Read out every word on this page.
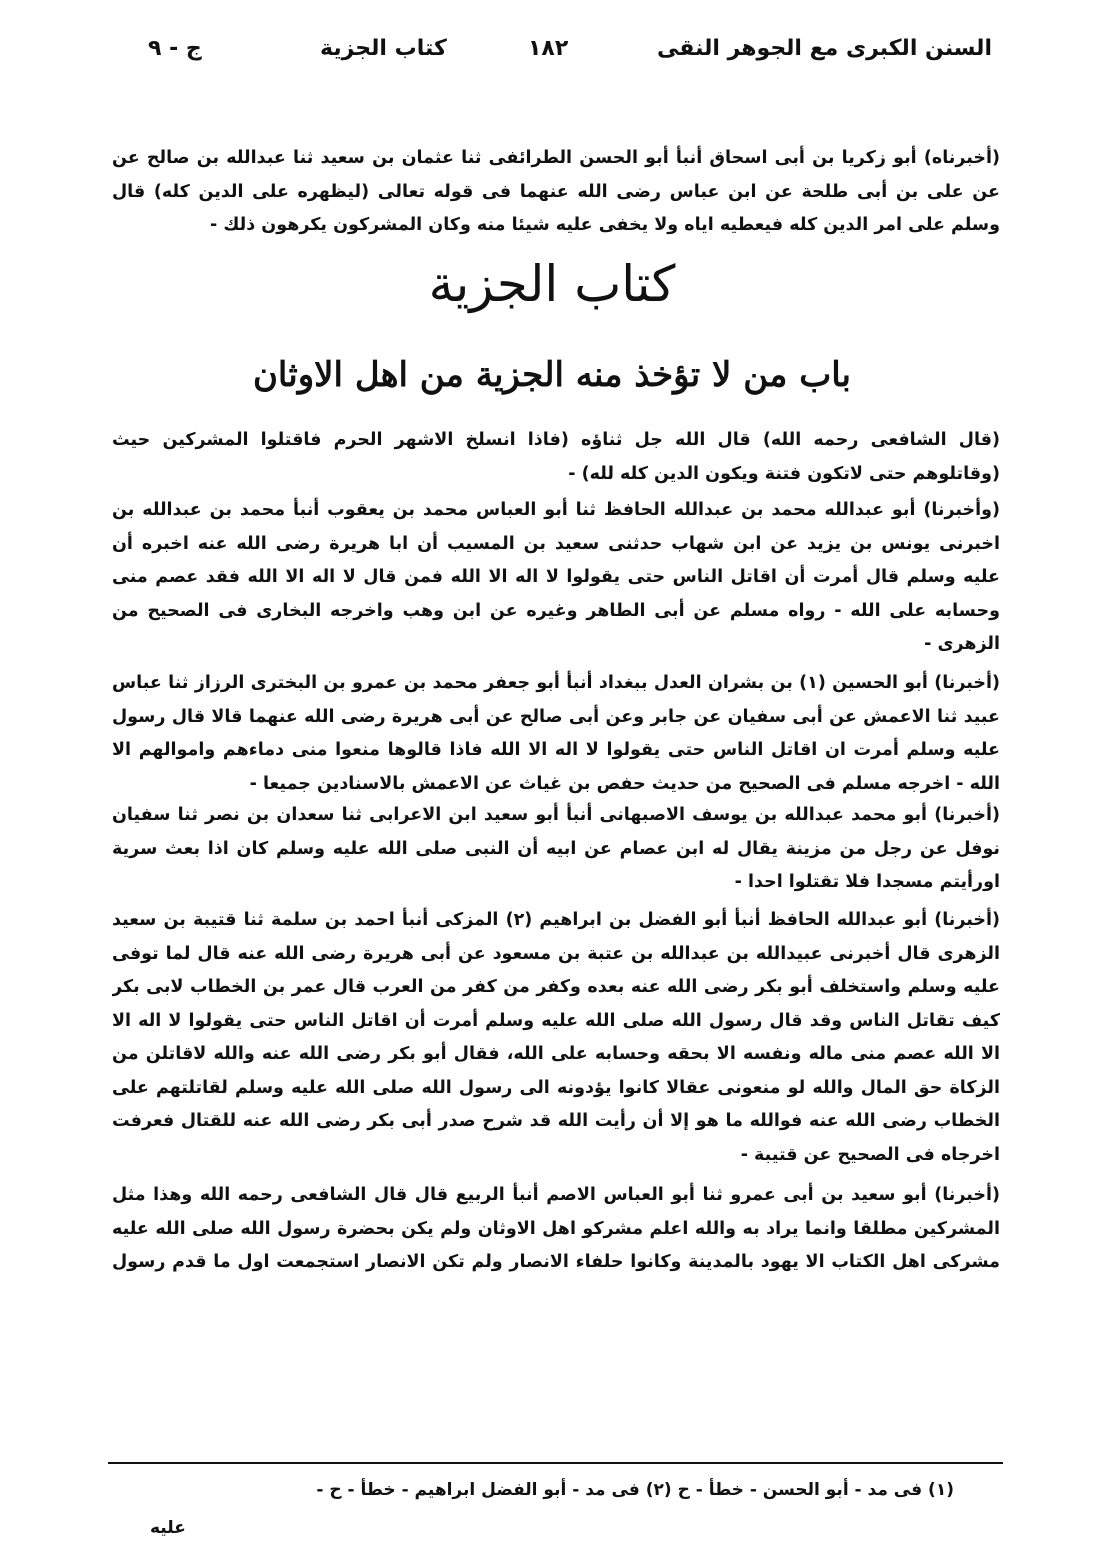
السنن الكبرى مع الجوهر النقى
١٨٢
كتاب الجزية
ج - ٩
كتاب الجزية
باب من لا تؤخذ منه الجزية من اهل الاوثان
(أخبرناه) أبو زكريا بن أبى اسحاق أنبأ أبو الحسن الطرائفى ثنا عثمان بن سعيد ثنا عبدالله بن صالح عن
عن على بن أبى طلحة عن ابن عباس رضى الله عنهما فى قوله تعالى (ليظهره على الدين كله) قال
وسلم على امر الدين كله فيعطيه اياه ولا يخفى عليه شيئا منه وكان المشركون يكرهون ذلك -
(قال الشافعى رحمه الله) قال الله جل ثناؤه (فاذا انسلخ الاشهر الحرم فاقتلوا المشركين حيث
(وقاتلوهم حتى لاتكون فتنة ويكون الدين كله لله) -
(وأخبرنا) أبو عبدالله محمد بن عبدالله الحافظ ثنا أبو العباس محمد بن يعقوب أنبأ محمد بن عبدالله بن
اخبرنى يونس بن يزيد عن ابن شهاب حدثنى سعيد بن المسيب أن ابا هريرة رضى الله عنه اخبره أن
عليه وسلم قال أمرت أن اقاتل الناس حتى يقولوا لا اله الا الله فمن قال لا اله الا الله فقد عصم منى
وحسابه على الله - رواه مسلم عن أبى الطاهر وغيره عن ابن وهب واخرجه البخارى فى الصحيح من
الزهرى -
(أخبرنا) أبو الحسين (١) بن بشران العدل ببغداد أنبأ أبو جعفر محمد بن عمرو بن البخترى الرزاز ثنا عباس
عبيد ثنا الاعمش عن أبى سفيان عن جابر وعن أبى صالح عن أبى هريرة رضى الله عنهما قالا قال رسول
عليه وسلم أمرت ان اقاتل الناس حتى يقولوا لا اله الا الله فاذا قالوها منعوا منى دماءهم واموالهم الا
الله - اخرجه مسلم فى الصحيح من حديث حفص بن غياث عن الاعمش بالاسنادين جميعا -
(أخبرنا) أبو محمد عبدالله بن يوسف الاصبهانى أنبأ أبو سعيد ابن الاعرابى ثنا سعدان بن نصر ثنا سفيان
نوفل عن رجل من مزينة يقال له ابن عصام عن ابيه أن النبى صلى الله عليه وسلم كان اذا بعث سرية
اورأيتم مسجدا فلا تقتلوا احدا -
(أخبرنا) أبو عبدالله الحافظ أنبأ أبو الفضل بن ابراهيم (٢) المزكى أنبأ احمد بن سلمة ثنا قتيبة بن سعيد
الزهرى قال أخبرنى عبيدالله بن عبدالله بن عتبة بن مسعود عن أبى هريرة رضى الله عنه قال لما توفى
عليه وسلم واستخلف أبو بكر رضى الله عنه بعده وكفر من كفر من العرب قال عمر بن الخطاب لابى بكر
كيف تقاتل الناس وقد قال رسول الله صلى الله عليه وسلم أمرت أن اقاتل الناس حتى يقولوا لا اله الا
الا الله عصم منى ماله ونفسه الا بحقه وحسابه على الله، فقال أبو بكر رضى الله عنه والله لاقاتلن من
الزكاة حق المال والله لو منعونى عقالا كانوا يؤدونه الى رسول الله صلى الله عليه وسلم لقاتلتهم على
الخطاب رضى الله عنه فوالله ما هو إلا أن رأيت الله قد شرح صدر أبى بكر رضى الله عنه للقتال فعرفت
اخرجاه فى الصحيح عن قتيبة -
(أخبرنا) أبو سعيد بن أبى عمرو ثنا أبو العباس الاصم أنبأ الربيع قال قال الشافعى رحمه الله وهذا مثل
المشركين مطلقا وانما يراد به والله اعلم مشركو اهل الاوثان ولم يكن بحضرة رسول الله صلى الله عليه
مشركى اهل الكتاب الا يهود بالمدينة وكانوا حلفاء الانصار ولم تكن الانصار استجمعت اول ما قدم رسول
(١) فى مد - أبو الحسن - خطأ - ح (٢) فى مد - أبو الفضل ابراهيم - خطأ - ح -
عليه
